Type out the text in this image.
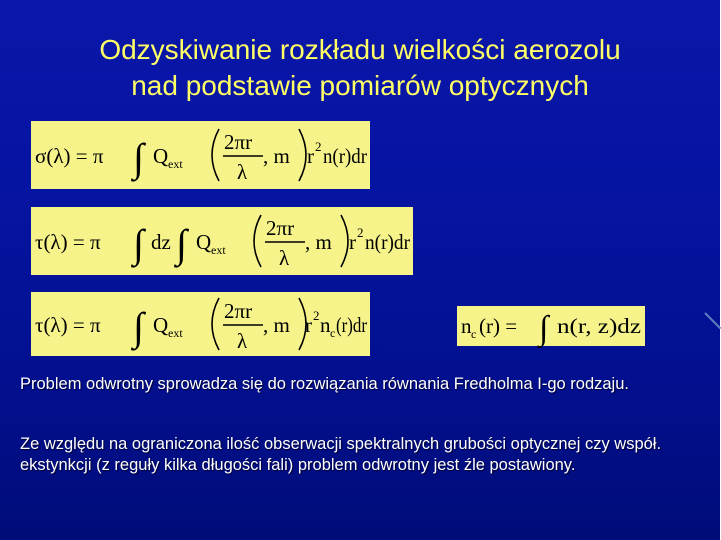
Odzyskiwanie rozkładu wielkości aerozolu
nad podstawie pomiarów optycznych
σ(λ) = π ∫ Q ext
2πr
λ
, m r 2 n(r)dr
τ(λ) = π ∫ dz ∫ Q ext
2πr
λ
, m r 2 n(r)dr
τ(λ) = π ∫ Q ext
2πr
λ
, m r 2 n c (r)dr	n c (r) = ∫ n(r, z)dz
Problem odwrotny sprowadza się do rozwiązania równania Fredholma I-go rodzaju.
Ze względu na ograniczona ilość obserwacji spektralnych grubości optycznej czy współ. ekstynkcji (z reguły kilka długości fali) problem odwrotny jest źle postawiony.
